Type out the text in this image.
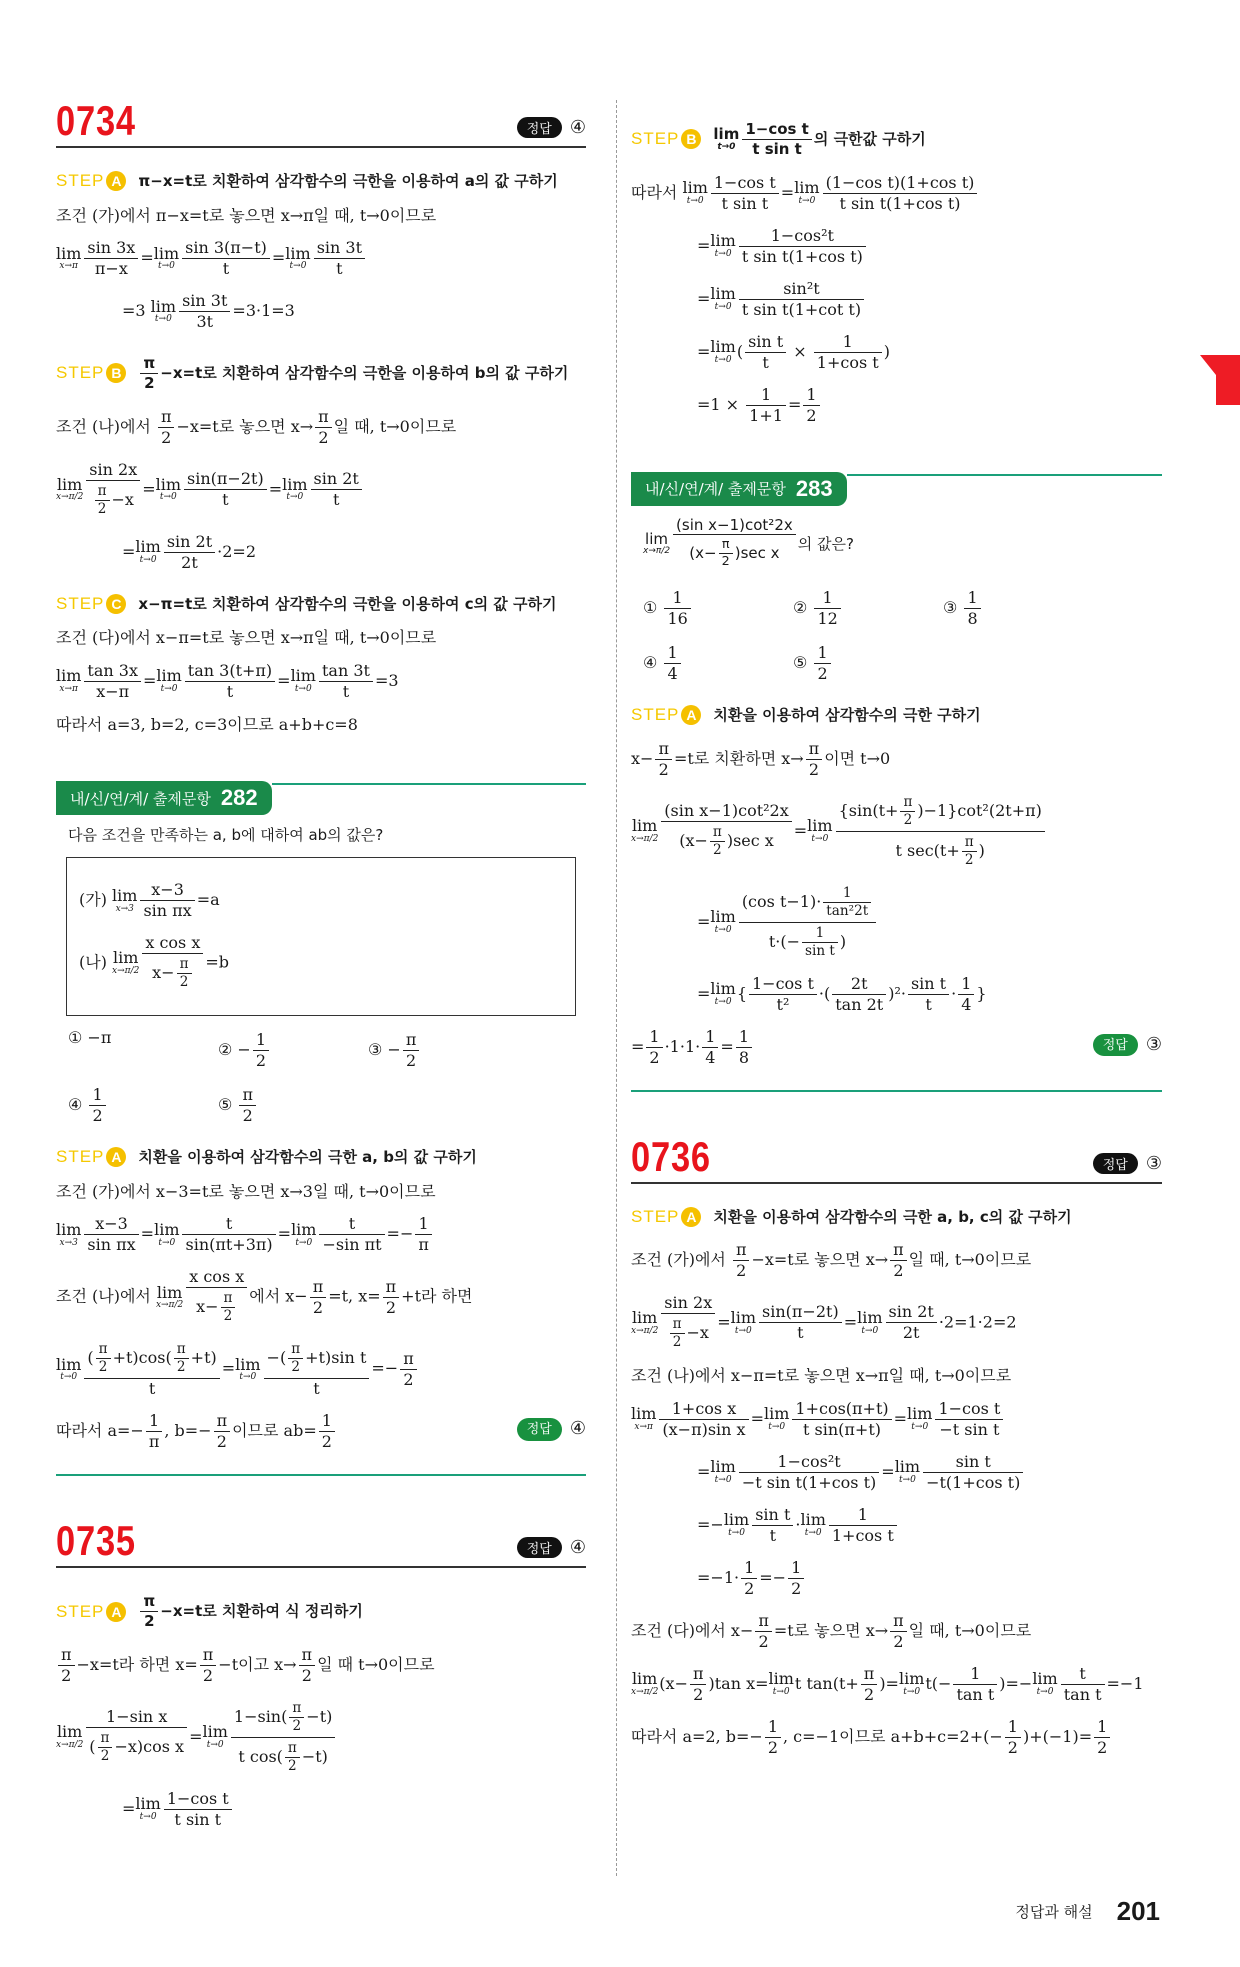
0734	정답	④
STEP A	π−x=t로 치환하여 삼각함수의 극한을 이용하여 a의 값 구하기
조건 (가)에서 π−x=t로 놓으면 x→π일 때, t→0이므로
lim
$x\to\pi \frac{\sin 3x}{\pi-x} = \lim$
$t\to 0 \frac{\sin 3(\pi-t)}{t} = \lim$
$t\to 0 \frac{\sin 3t}{t}$
=3 lim
$t\to 0 \frac{\sin 3t}{3t} =3\cdot 1=3$
STEP B	$\frac{\pi}{2} -x=t$로 치환하여 삼각함수의 극한을 이용하여 b의 값 구하기
조건 (나)에서 $\frac{\pi}{2} -x=t$로 놓으면 $x\to \frac{\pi}{2}$ 일 때, t→0이므로
lim
$x\to\pi/2 \frac{\sin 2x}{\frac{\pi}{2} -x} = \lim$
$t\to 0 \frac{\sin(\pi-2t)}{t} = \lim$
$t\to 0 \frac{\sin 2t}{t}$
= lim
$t\to 0 \frac{\sin 2t}{2t} \cdot 2=2$
STEP C	x−π=t로 치환하여 삼각함수의 극한을 이용하여 c의 값 구하기
조건 (다)에서 x−π=t로 놓으면 x→π일 때, t→0이므로
lim
$x\to\pi \frac{\tan 3x}{x-\pi} = \lim$
$t\to 0 \frac{\tan 3(t+\pi)}{t} = \lim$
$t\to 0 \frac{\tan 3t}{t} =3$
따라서 a=3, b=2, c=3이므로 a+b+c=8
내/신/연/계/ 출제문항 282
다음 조건을 만족하는 a, b에 대하여 ab의 값은?
(가) lim
$x\to 3 \frac{x-3}{\text{sin πx}} =a$
(나) lim
$x\to\pi/2 \frac{\text{x cos x}}{x- \frac{\pi}{2}} =b$
① −π
② − $\frac{1}{2}$	③ − $\frac{\pi}{2}$
④ $\frac{1}{2}$	⑤ $\frac{\pi}{2}$
STEP A	치환을 이용하여 삼각함수의 극한 a, b의 값 구하기
조건 (가)에서 x−3=t로 놓으면 x→3일 때, t→0이므로
lim
$x\to 3 \frac{x-3}{\text{sin πx}} = \lim$
$t\to 0 \frac{t}{\sin(\pi t+3\pi)} = \lim$
$t\to 0 \frac{t}{\text{−sin πt}} =- \frac{1}{\pi}$
조건 (나)에서 lim
$x\to\pi/2 \frac{\text{x cos x}}{x- \frac{\pi}{2}}$ 에서 $x- \frac{\pi}{2} =t$, $x= \frac{\pi}{2} +t$라 하면
lim
$t\to 0 \frac{( \frac{\pi}{2} +t)\cos( \frac{\pi}{2} +t)}{t} = \lim$
$t\to 0 \frac{-( \frac{\pi}{2} +t)\sin t}{t} =- \frac{\pi}{2}$
따라서 $a=- \frac{1}{\pi}$ , $b=- \frac{\pi}{2}$ 이므로 $ab= \frac{1}{2}$	정답	④
0735	정답	④
STEP A	$\frac{\pi}{2} -x=t$로 치환하여 식 정리하기
$\frac{\pi}{2} -x=t$라 하면 $x= \frac{\pi}{2} -t$이고 $x\to \frac{\pi}{2}$ 일 때 t→0이므로
lim
$x\to\pi/2 \frac{\text{1−sin x}}{( \frac{\pi}{2} -x)\cos x} = \lim$
$t\to 0 \frac{1-\sin( \frac{\pi}{2} -t)}{t \cos( \frac{\pi}{2} -t)}$
= lim
$t\to 0 \frac{\text{1−cos t}}{\text{t sin t}}$
STEP B	lim
$t\to 0 \frac{\text{1−cos t}}{\text{t sin t}}$ 의 극한값 구하기
따라서 lim
$t\to 0 \frac{\text{1−cos t}}{\text{t sin t}} = \lim$
$t\to 0 \frac{\text{(1−cos t)(1+cos t)}}{\text{t sin t(1+cos t)}}$
= lim
$t\to 0 \frac{\text{1−cos²t}}{\text{t sin t(1+cos t)}}$
= lim
$t\to 0 \frac{\text{sin²t}}{\text{t sin t(1+cot t)}}$
= lim
t→0 ( $\frac{\text{sin t}}{t} \times \frac{1}{\text{1+cos t}}$ )
$=1 \times \frac{1}{1+1} = \frac{1}{2}$
내/신/연/계/ 출제문항 283
lim
$x\to\pi/2 \frac{\text{(sin x−1)cot²2x}}{(x- \frac{\pi}{2} )\sec x}$ 의 값은?
① $\frac{1}{16}$	② $\frac{1}{12}$	③ $\frac{1}{8}$
④ $\frac{1}{4}$	⑤ $\frac{1}{2}$
STEP A	치환을 이용하여 삼각함수의 극한 구하기
$x- \frac{\pi}{2} =t$로 치환하면 $x\to \frac{\pi}{2}$ 이면 t→0
lim
$x\to\pi/2 \frac{\text{(sin x−1)cot²2x}}{(x- \frac{\pi}{2} )\sec x} = \lim$
$t\to 0 \frac{\{\sin(t+ \frac{\pi}{2} )-1\}\cot^2(2t+\pi)}{t \sec(t+ \frac{\pi}{2} )}$
= lim
$t\to 0 \frac{(\cos t-1)\cdot \frac{1}{\text{tan²2t}}}{t\cdot(- \frac{1}{\text{sin t}} )}$
= lim
t→0 { $\frac{\text{1−cos t}}{\text{t²}}$ ·( $\frac{2t}{\tan 2t} )^2\cdot \frac{\text{sin t}}{t} \cdot \frac{1}{4}$ }
= $\frac{1}{2} \cdot 1\cdot 1\cdot \frac{1}{4} = \frac{1}{8}$	정답	③
0736	정답	③
STEP A	치환을 이용하여 삼각함수의 극한 a, b, c의 값 구하기
조건 (가)에서 $\frac{\pi}{2} -x=t$로 놓으면 $x\to \frac{\pi}{2}$ 일 때, t→0이므로
lim
$x\to\pi/2 \frac{\sin 2x}{\frac{\pi}{2} -x} = \lim$
$t\to 0 \frac{\sin(\pi-2t)}{t} = \lim$
$t\to 0 \frac{\sin 2t}{2t} \cdot 2=1\cdot 2=2$
조건 (나)에서 x−π=t로 놓으면 x→π일 때, t→0이므로
lim
$x\to\pi \frac{\text{1+cos x}}{\text{(x−π)sin x}} = \lim$
$t\to 0 \frac{1+\cos(\pi+t)}{\text{t sin(π+t)}} = \lim$
$t\to 0 \frac{\text{1−cos t}}{\text{−t sin t}}$
= lim
$t\to 0 \frac{\text{1−cos²t}}{\text{−t sin t(1+cos t)}} = \lim$
$t\to 0 \frac{\text{sin t}}{\text{−t(1+cos t)}}$
=− lim
$t\to 0 \frac{\text{sin t}}{t} \cdot \lim$
$t\to 0 \frac{1}{\text{1+cos t}}$
$=-1\cdot \frac{1}{2} =- \frac{1}{2}$
조건 (다)에서 $x- \frac{\pi}{2} =t$로 놓으면 $x\to \frac{\pi}{2}$ 일 때, t→0이므로
lim
x→π/2 $(x- \frac{\pi}{2} )\tan$ x= lim
t→0 t $\tan(t+ \frac{\pi}{2}$ )= lim
t→0 $t(- \frac{1}{\text{tan t}}$ )=− lim
$t\to 0 \frac{t}{\text{tan t}} =-1$
따라서 a=2, $b=- \frac{1}{2}$ , c=−1이므로 $a+b+c=2+(- \frac{1}{2} )+(-1)= \frac{1}{2}$
정답과 해설 201
